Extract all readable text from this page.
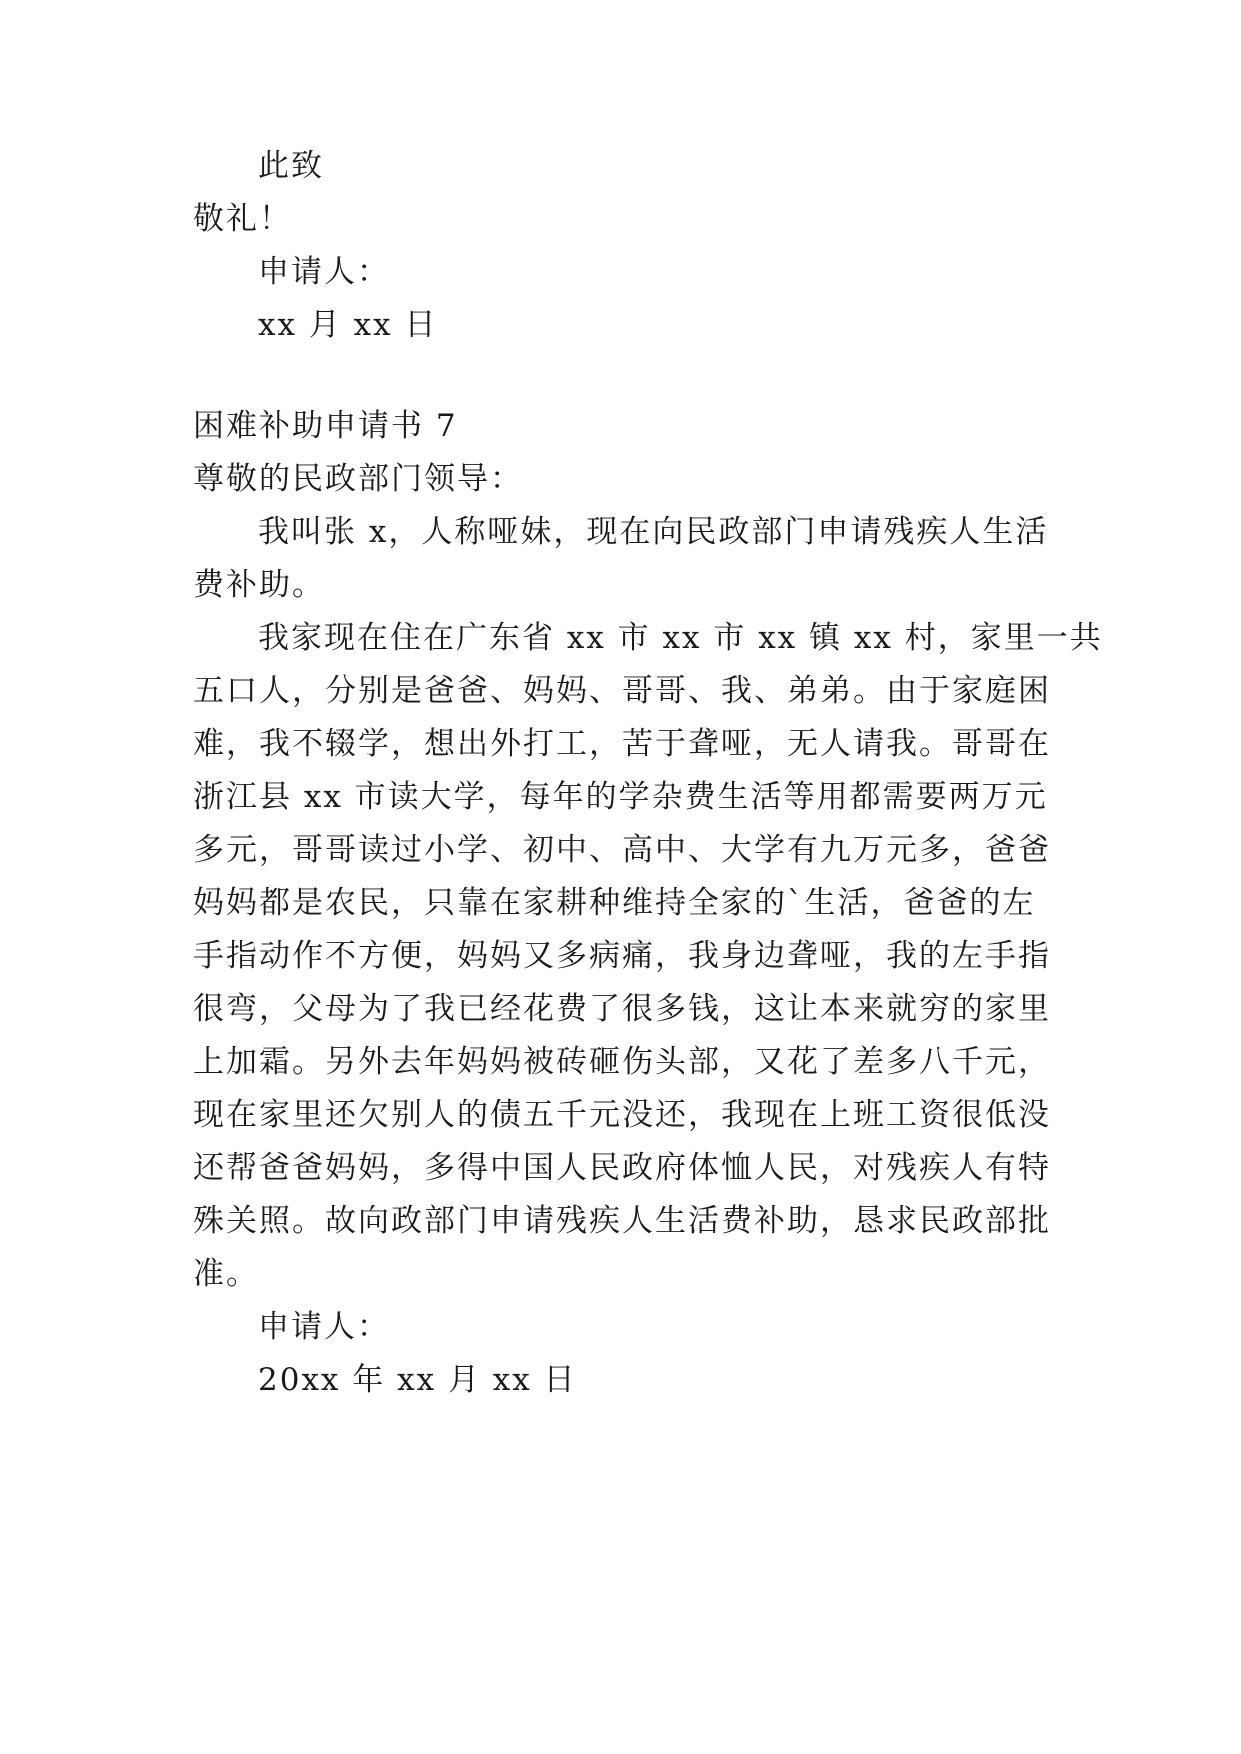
此致
敬礼！
申请人：
xx 月 xx 日
困难补助申请书 7
尊敬的民政部门领导：
我叫张 x，人称哑妹，现在向民政部门申请残疾人生活
费补助。
我家现在住在广东省 xx 市 xx 市 xx 镇 xx 村，家里一共
五口人，分别是爸爸、妈妈、哥哥、我、弟弟。由于家庭困
难，我不辍学，想出外打工，苦于聋哑，无人请我。哥哥在
浙江县 xx 市读大学，每年的学杂费生活等用都需要两万元
多元，哥哥读过小学、初中、高中、大学有九万元多，爸爸
妈妈都是农民，只靠在家耕种维持全家的`生活，爸爸的左
手指动作不方便，妈妈又多病痛，我身边聋哑，我的左手指
很弯，父母为了我已经花费了很多钱，这让本来就穷的家里
上加霜。另外去年妈妈被砖砸伤头部，又花了差多八千元，
现在家里还欠别人的债五千元没还，我现在上班工资很低没
还帮爸爸妈妈，多得中国人民政府体恤人民，对残疾人有特
殊关照。故向政部门申请残疾人生活费补助，恳求民政部批
准。
申请人：
20xx 年 xx 月 xx 日
